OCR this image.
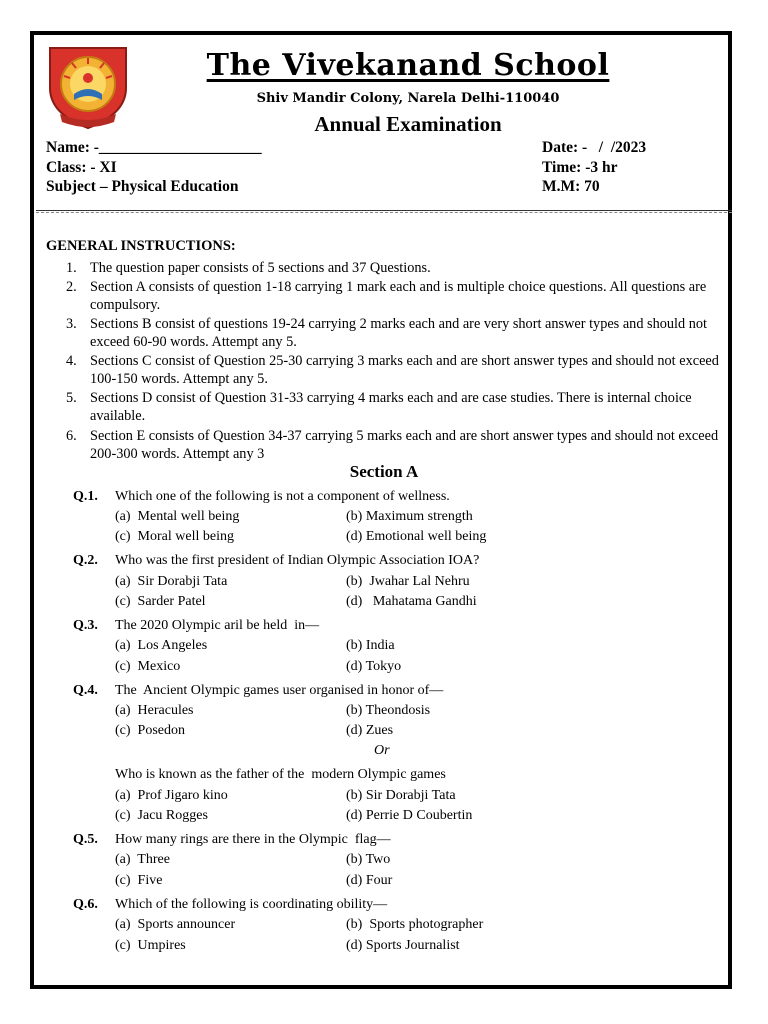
The Vivekanand School
Shiv Mandir Colony, Narela Delhi-110040
Annual Examination
Name: -_____________________
Class: - XI
Subject – Physical Education
Date: -   /  /2023
Time: -3 hr
M.M: 70
GENERAL INSTRUCTIONS:
1. The question paper consists of 5 sections and 37 Questions.
2. Section A consists of question 1-18 carrying 1 mark each and is multiple choice questions. All questions are compulsory.
3. Sections B consist of questions 19-24 carrying 2 marks each and are very short answer types and should not exceed 60-90 words. Attempt any 5.
4. Sections C consist of Question 25-30 carrying 3 marks each and are short answer types and should not exceed 100-150 words. Attempt any 5.
5. Sections D consist of Question 31-33 carrying 4 marks each and are case studies. There is internal choice available.
6. Section E consists of Question 34-37 carrying 5 marks each and are short answer types and should not exceed 200-300 words. Attempt any 3
Section A
Q.1. Which one of the following is not a component of wellness.
(a)  Mental well being	(b) Maximum strength
(c)  Moral well being	(d) Emotional well being
Q.2. Who was the first president of Indian Olympic Association IOA?
(a)  Sir Dorabji Tata	(b)  Jwahar Lal Nehru
(c)  Sarder Patel	(d)   Mahatama Gandhi
Q.3. The 2020 Olympic aril be held  in—
(a)  Los Angeles	(b) India
(c)  Mexico	(d) Tokyo
Q.4. The  Ancient Olympic games user organised in honor of—
(a)  Heracules	(b) Theondosis
(c)  Posedon	(d) Zues
Or
Who is known as the father of the  modern Olympic games
(a)  Prof Jigaro kino	(b) Sir Dorabji Tata
(c)  Jacu Rogges	(d) Perrie D Coubertin
Q.5. How many rings are there in the Olympic  flag—
(a)  Three	(b) Two
(c)  Five	(d) Four
Q.6. Which of the following is coordinating obility—
(a)  Sports announcer	(b)  Sports photographer
(c)  Umpires	(d) Sports Journalist
